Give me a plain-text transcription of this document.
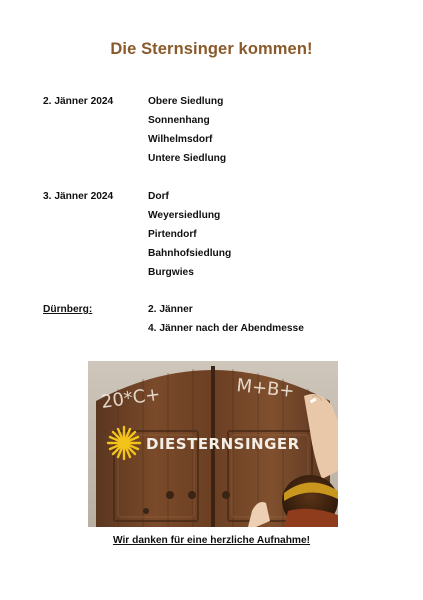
Die Sternsinger kommen!
2. Jänner 2024	Obere Siedlung
Sonnenhang
Wilhelmsdorf
Untere Siedlung
3. Jänner 2024	Dorf
Weyersiedlung
Pirtendorf
Bahnhofsiedlung
Burgwies
Dürnberg:	2. Jänner
4. Jänner nach der Abendmesse
20*C+	M+B+
DIESTERNSINGER
Wir danken für eine herzliche Aufnahme!
